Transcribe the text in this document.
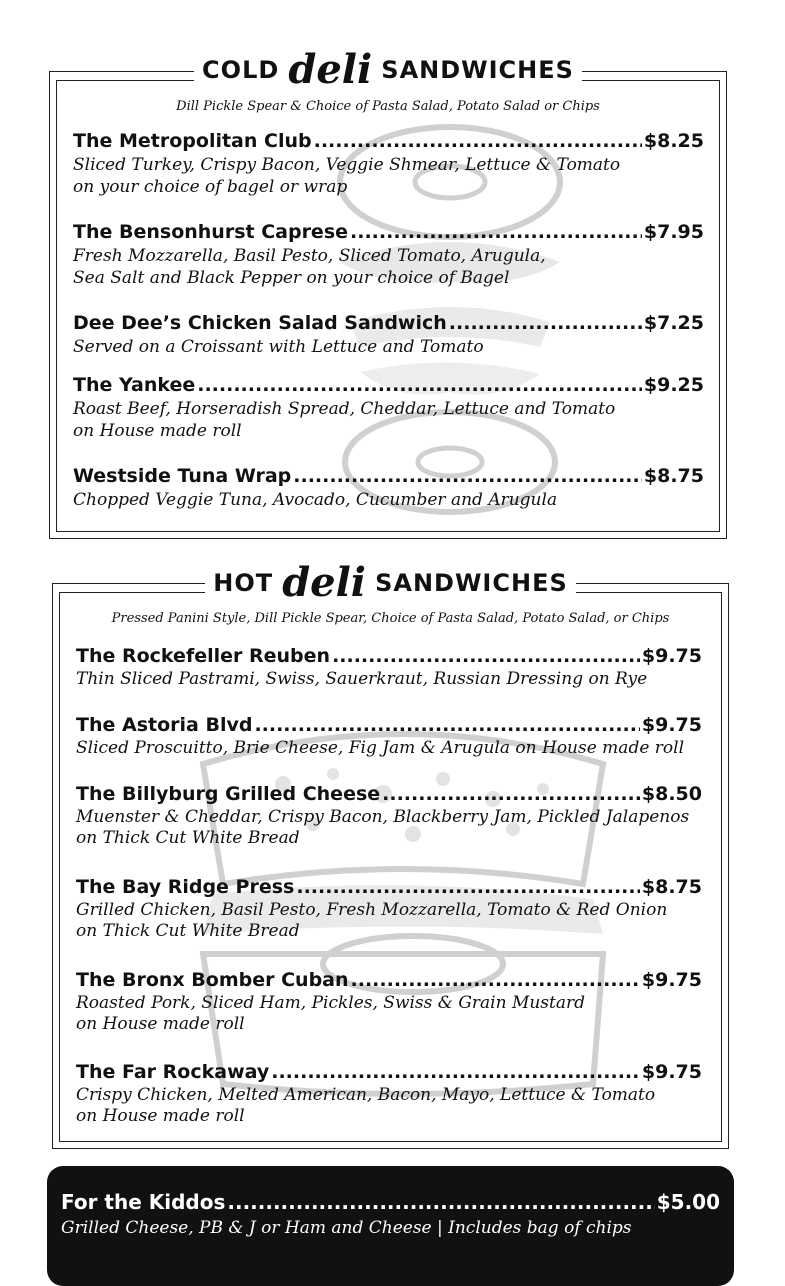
COLD deli SANDWICHES
Dill Pickle Spear & Choice of Pasta Salad, Potato Salad or Chips
The Metropolitan Club .....	$8.25
Sliced Turkey, Crispy Bacon, Veggie Shmear, Lettuce & Tomato
on your choice of bagel or wrap
The Bensonhurst Caprese .....	$7.95
Fresh Mozzarella, Basil Pesto, Sliced Tomato, Arugula,
Sea Salt and Black Pepper on your choice of Bagel
Dee Dee’s Chicken Salad Sandwich .....	$7.25
Served on a Croissant with Lettuce and Tomato
The Yankee .....	$9.25
Roast Beef, Horseradish Spread, Cheddar, Lettuce and Tomato
on House made roll
Westside Tuna Wrap .....	$8.75
Chopped Veggie Tuna, Avocado, Cucumber and Arugula
HOT deli SANDWICHES
Pressed Panini Style, Dill Pickle Spear, Choice of Pasta Salad, Potato Salad, or Chips
The Rockefeller Reuben .....	$9.75
Thin Sliced Pastrami, Swiss, Sauerkraut, Russian Dressing on Rye
The Astoria Blvd .....	$9.75
Sliced Proscuitto, Brie Cheese, Fig Jam & Arugula on House made roll
The Billyburg Grilled Cheese .....	$8.50
Muenster & Cheddar, Crispy Bacon, Blackberry Jam, Pickled Jalapenos
on Thick Cut White Bread
The Bay Ridge Press .....	$8.75
Grilled Chicken, Basil Pesto, Fresh Mozzarella, Tomato & Red Onion
on Thick Cut White Bread
The Bronx Bomber Cuban .....	$9.75
Roasted Pork, Sliced Ham, Pickles, Swiss & Grain Mustard
on House made roll
The Far Rockaway .....	$9.75
Crispy Chicken, Melted American, Bacon, Mayo, Lettuce & Tomato
on House made roll
For the Kiddos .....	$5.00
Grilled Cheese, PB & J or Ham and Cheese | Includes bag of chips
